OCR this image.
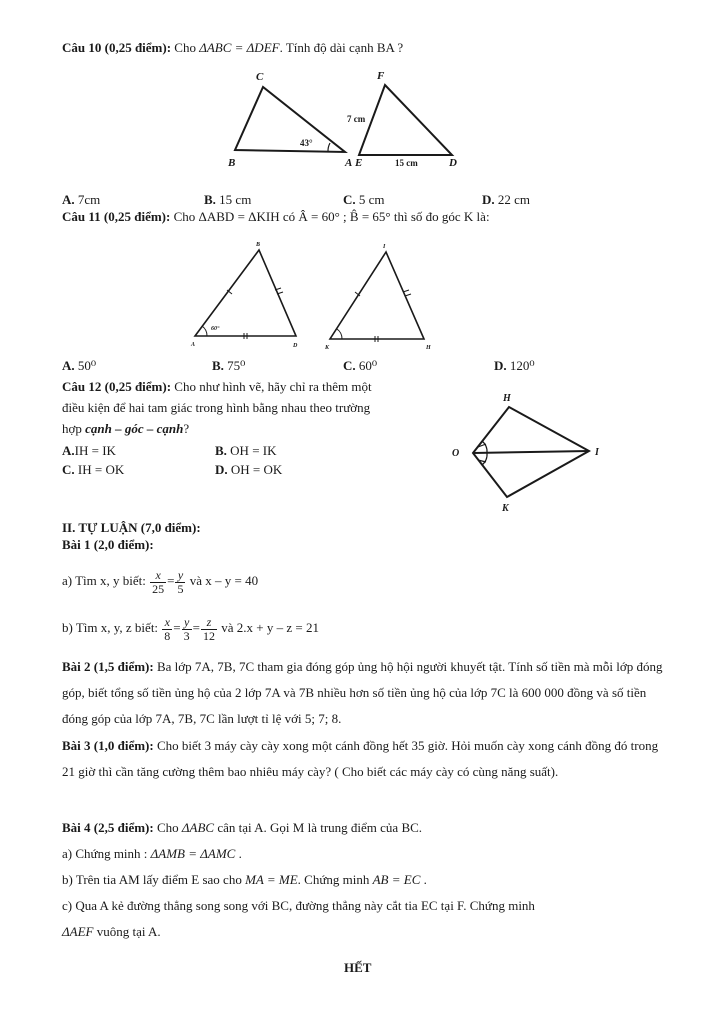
Câu 10 (0,25 điểm): Cho ΔABC = ΔDEF. Tính độ dài cạnh BA ?
C
B	A
F
E	D
43°
7 cm
15 cm
A. 7cm	B. 15 cm	C. 5 cm	D. 22 cm
Câu 11 (0,25 điểm): Cho ΔABD = ΔKIH có Â = 60° ; B̂ = 65° thì số đo góc K là:
B
A	D
I
K	H
60°
A. 50⁰	B. 75⁰	C. 60⁰	D. 120⁰
Câu 12 (0,25 điểm): Cho như hình vẽ, hãy chỉ ra thêm một
điều kiện để hai tam giác trong hình bằng nhau theo trường
hợp cạnh – góc – cạnh?
A.IH = IK	B. OH = IK
C. IH = OK	D. OH = OK
H
O	I
K
II. TỰ LUẬN (7,0 điểm):
Bài 1 (2,0 điểm):
a) Tìm x, y biết: $\frac{x}{25} = \frac{y}{5}$ và x – y = 40
b) Tìm x, y, z biết: $\frac{x}{8} = \frac{y}{3} = \frac{z}{12}$ và 2.x + y – z = 21
Bài 2 (1,5 điểm): Ba lớp 7A, 7B, 7C tham gia đóng góp ủng hộ hội người khuyết tật. Tính số tiền mà mỗi lớp đóng góp, biết tổng số tiền ủng hộ của 2 lớp 7A và 7B nhiều hơn số tiền ủng hộ của lớp 7C là 600 000 đồng và số tiền đóng góp của lớp 7A, 7B, 7C lần lượt tỉ lệ với 5; 7; 8.
Bài 3 (1,0 điểm): Cho biết 3 máy cày cày xong một cánh đồng hết 35 giờ. Hỏi muốn cày xong cánh đồng đó trong 21 giờ thì cần tăng cường thêm bao nhiêu máy cày? ( Cho biết các máy cày có cùng năng suất).
Bài 4 (2,5 điểm): Cho ΔABC cân tại A. Gọi M là trung điểm của BC.
a) Chứng minh : ΔAMB = ΔAMC .
b) Trên tia AM lấy điểm E sao cho MA = ME. Chứng minh AB = EC .
c) Qua A kẻ đường thẳng song song với BC, đường thẳng này cắt tia EC tại F. Chứng minh
ΔAEF vuông tại A.
HẾT
